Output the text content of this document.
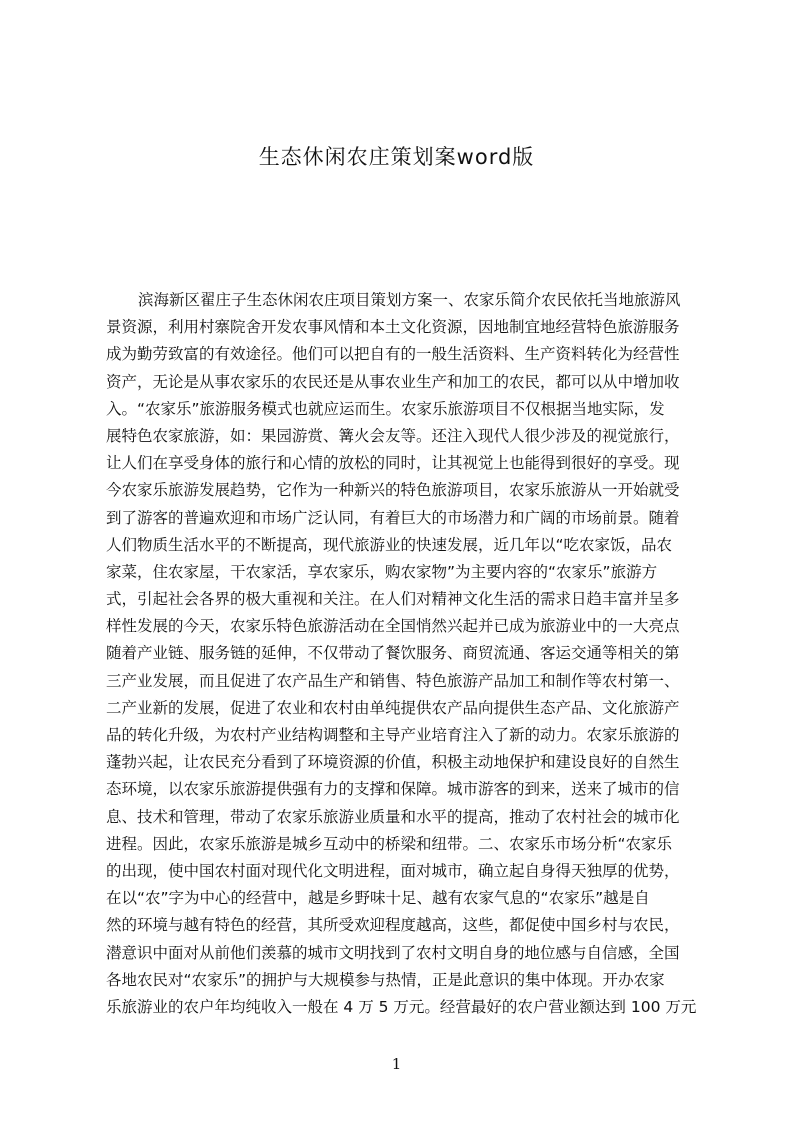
生态休闲农庄策划案word版
滨海新区翟庄子生态休闲农庄项目策划方案一、农家乐简介农民依托当地旅游风
景资源，利用村寨院舍开发农事风情和本土文化资源，因地制宜地经营特色旅游服务
成为勤劳致富的有效途径。他们可以把自有的一般生活资料、生产资料转化为经营性
资产，无论是从事农家乐的农民还是从事农业生产和加工的农民，都可以从中增加收
入。“农家乐”旅游服务模式也就应运而生。农家乐旅游项目不仅根据当地实际，发
展特色农家旅游，如：果园游赏、篝火会友等。还注入现代人很少涉及的视觉旅行，
让人们在享受身体的旅行和心情的放松的同时，让其视觉上也能得到很好的享受。现
今农家乐旅游发展趋势，它作为一种新兴的特色旅游项目，农家乐旅游从一开始就受
到了游客的普遍欢迎和市场广泛认同，有着巨大的市场潜力和广阔的市场前景。随着
人们物质生活水平的不断提高，现代旅游业的快速发展，近几年以“吃农家饭，品农
家菜，住农家屋，干农家活，享农家乐，购农家物”为主要内容的“农家乐”旅游方
式，引起社会各界的极大重视和关注。在人们对精神文化生活的需求日趋丰富并呈多
样性发展的今天，农家乐特色旅游活动在全国悄然兴起并已成为旅游业中的一大亮点
随着产业链、服务链的延伸，不仅带动了餐饮服务、商贸流通、客运交通等相关的第
三产业发展，而且促进了农产品生产和销售、特色旅游产品加工和制作等农村第一、
二产业新的发展，促进了农业和农村由单纯提供农产品向提供生态产品、文化旅游产
品的转化升级，为农村产业结构调整和主导产业培育注入了新的动力。农家乐旅游的
蓬勃兴起，让农民充分看到了环境资源的价值，积极主动地保护和建设良好的自然生
态环境，以农家乐旅游提供强有力的支撑和保障。城市游客的到来，送来了城市的信
息、技术和管理，带动了农家乐旅游业质量和水平的提高，推动了农村社会的城市化
进程。因此，农家乐旅游是城乡互动中的桥梁和纽带。二、农家乐市场分析“农家乐
的出现，使中国农村面对现代化文明进程，面对城市，确立起自身得天独厚的优势，
在以“农”字为中心的经营中，越是乡野味十足、越有农家气息的“农家乐”越是自
然的环境与越有特色的经营，其所受欢迎程度越高，这些，都促使中国乡村与农民，
潜意识中面对从前他们羡慕的城市文明找到了农村文明自身的地位感与自信感，全国
各地农民对“农家乐”的拥护与大规模参与热情，正是此意识的集中体现。开办农家
乐旅游业的农户年均纯收入一般在 4 万 5 万元。经营最好的农户营业额达到 100 万元
1
